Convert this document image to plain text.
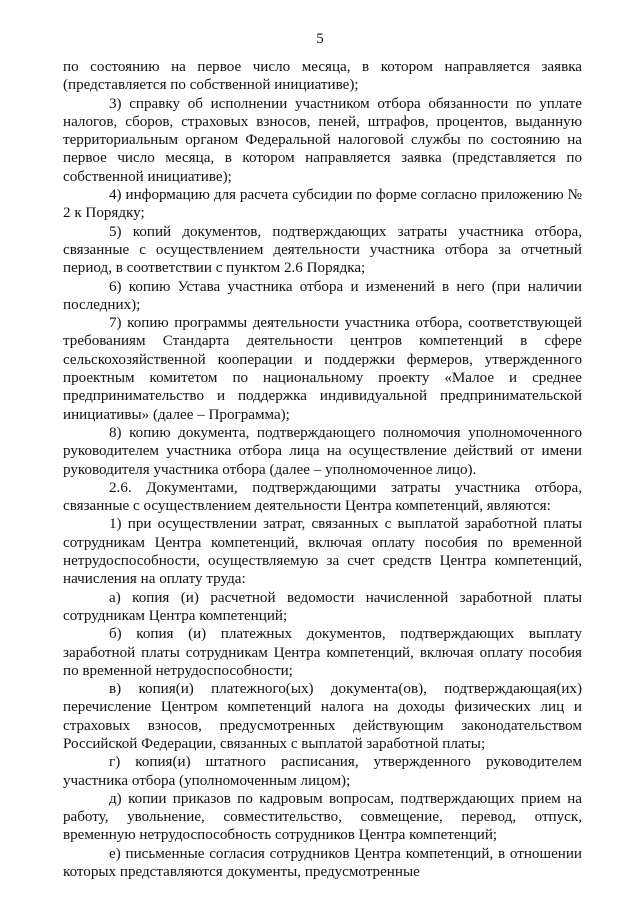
5

по состоянию на первое число месяца, в котором направляется заявка (представляется по собственной инициативе);

3) справку об исполнении участником отбора обязанности по уплате налогов, сборов, страховых взносов, пеней, штрафов, процентов, выданную территориальным органом Федеральной налоговой службы по состоянию на первое число месяца, в котором направляется заявка (представляется по собственной инициативе);

4) информацию для расчета субсидии по форме согласно приложению № 2 к Порядку;

5) копий документов, подтверждающих затраты участника отбора, связанные с осуществлением деятельности участника отбора за отчетный период, в соответствии с пунктом 2.6 Порядка;

6) копию Устава участника отбора и изменений в него (при наличии последних);

7) копию программы деятельности участника отбора, соответствующей требованиям Стандарта деятельности центров компетенций в сфере сельскохозяйственной кооперации и поддержки фермеров, утвержденного проектным комитетом по национальному проекту «Малое и среднее предпринимательство и поддержка индивидуальной предпринимательской инициативы» (далее – Программа);

8) копию документа, подтверждающего полномочия уполномоченного руководителем участника отбора лица на осуществление действий от имени руководителя участника отбора (далее – уполномоченное лицо).

2.6. Документами, подтверждающими затраты участника отбора, связанные с осуществлением деятельности Центра компетенций, являются:

1) при осуществлении затрат, связанных с выплатой заработной платы сотрудникам Центра компетенций, включая оплату пособия по временной нетрудоспособности, осуществляемую за счет средств Центра компетенций, начисления на оплату труда:

а) копия (и) расчетной ведомости начисленной заработной платы сотрудникам Центра компетенций;

б) копия (и) платежных документов, подтверждающих выплату заработной платы сотрудникам Центра компетенций, включая оплату пособия по временной нетрудоспособности;

в) копия(и) платежного(ых) документа(ов), подтверждающая(их) перечисление Центром компетенций налога на доходы физических лиц и страховых взносов, предусмотренных действующим законодательством Российской Федерации, связанных с выплатой заработной платы;

г) копия(и) штатного расписания, утвержденного руководителем участника отбора (уполномоченным лицом);

д) копии приказов по кадровым вопросам, подтверждающих прием на работу, увольнение, совместительство, совмещение, перевод, отпуск, временную нетрудоспособность сотрудников Центра компетенций;

е) письменные согласия сотрудников Центра компетенций, в отношении которых представляются документы, предусмотренные
